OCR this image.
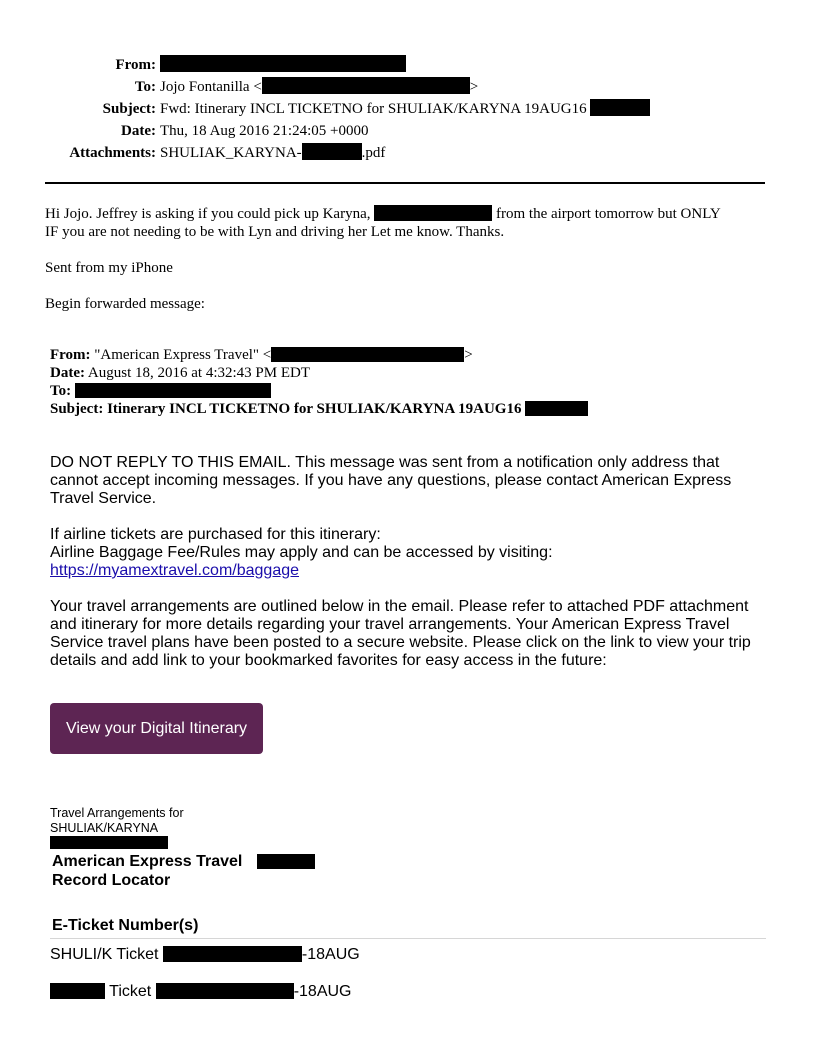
From:
To: Jojo Fontanilla <	>
Subject: Fwd: Itinerary INCL TICKETNO for SHULIAK/KARYNA 19AUG16
Date: Thu, 18 Aug 2016 21:24:05 +0000
Attachments: SHULIAK_KARYNA-	.pdf
Hi Jojo. Jeffrey is asking if you could pick up Karyna,	from the airport tomorrow but ONLY
IF you are not needing to be with Lyn and driving her Let me know. Thanks.
Sent from my iPhone
Begin forwarded message:
From: "American Express Travel" <	>
Date: August 18, 2016 at 4:32:43 PM EDT
To:
Subject: Itinerary INCL TICKETNO for SHULIAK/KARYNA 19AUG16
DO NOT REPLY TO THIS EMAIL. This message was sent from a notification only address that cannot accept incoming messages. If you have any questions, please contact American Express Travel Service.
If airline tickets are purchased for this itinerary:
Airline Baggage Fee/Rules may apply and can be accessed by visiting:
https://myamextravel.com/baggage
Your travel arrangements are outlined below in the email. Please refer to attached PDF attachment and itinerary for more details regarding your travel arrangements. Your American Express Travel Service travel plans have been posted to a secure website. Please click on the link to view your trip details and add link to your bookmarked favorites for easy access in the future:
View your Digital Itinerary
Travel Arrangements for
SHULIAK/KARYNA
American Express Travel
Record Locator
E-Ticket Number(s)
SHULI/K Ticket	-18AUG
Ticket	-18AUG
